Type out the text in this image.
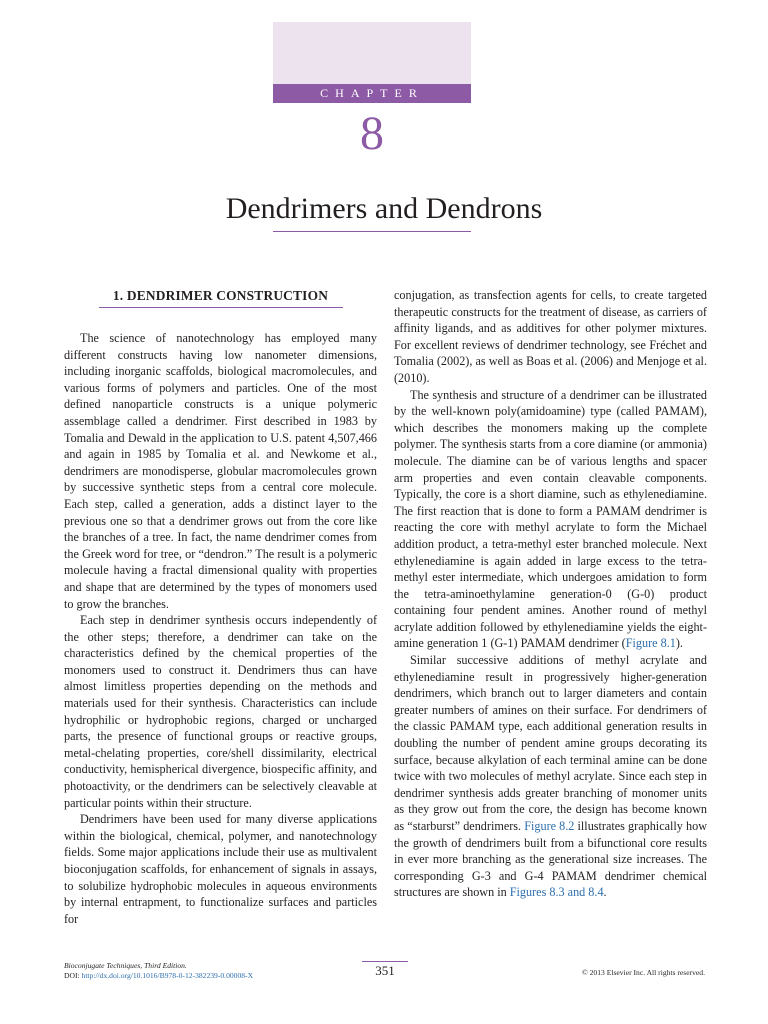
CHAPTER
8
Dendrimers and Dendrons
1. DENDRIMER CONSTRUCTION

The science of nanotechnology has employed many different constructs having low nanometer dimensions, including inorganic scaffolds, biological macromolecules, and various forms of polymers and particles. One of the most defined nanoparticle constructs is a unique polymeric assemblage called a dendrimer. First described in 1983 by Tomalia and Dewald in the application to U.S. patent 4,507,466 and again in 1985 by Tomalia et al. and Newkome et al., dendrimers are monodisperse, globular macromolecules grown by successive synthetic steps from a central core molecule. Each step, called a generation, adds a distinct layer to the previous one so that a dendrimer grows out from the core like the branches of a tree. In fact, the name dendrimer comes from the Greek word for tree, or “dendron.” The result is a polymeric molecule having a fractal dimensional quality with properties and shape that are determined by the types of monomers used to grow the branches.

Each step in dendrimer synthesis occurs independently of the other steps; therefore, a dendrimer can take on the characteristics defined by the chemical properties of the monomers used to construct it. Dendrimers thus can have almost limitless properties depending on the methods and materials used for their synthesis. Characteristics can include hydrophilic or hydrophobic regions, charged or uncharged parts, the presence of functional groups or reactive groups, metal-chelating properties, core/shell dissimilarity, electrical conductivity, hemispherical divergence, biospecific affinity, and photoactivity, or the dendrimers can be selectively cleavable at particular points within their structure.

Dendrimers have been used for many diverse applications within the biological, chemical, polymer, and nanotechnology fields. Some major applications include their use as multivalent bioconjugation scaffolds, for enhancement of signals in assays, to solubilize hydrophobic molecules in aqueous environments by internal entrapment, to functionalize surfaces and particles for

conjugation, as transfection agents for cells, to create targeted therapeutic constructs for the treatment of disease, as carriers of affinity ligands, and as additives for other polymer mixtures. For excellent reviews of dendrimer technology, see Fréchet and Tomalia (2002), as well as Boas et al. (2006) and Menjoge et al. (2010).

The synthesis and structure of a dendrimer can be illustrated by the well-known poly(amidoamine) type (called PAMAM), which describes the monomers making up the complete polymer. The synthesis starts from a core diamine (or ammonia) molecule. The diamine can be of various lengths and spacer arm properties and even contain cleavable components. Typically, the core is a short diamine, such as ethylenediamine. The first reaction that is done to form a PAMAM dendrimer is reacting the core with methyl acrylate to form the Michael addition product, a tetra-methyl ester branched molecule. Next ethylenediamine is again added in large excess to the tetra-methyl ester intermediate, which undergoes amidation to form the tetra-aminoethylamine generation-0 (G-0) product containing four pendent amines. Another round of methyl acrylate addition followed by ethylenediamine yields the eight-amine generation 1 (G-1) PAMAM dendrimer (Figure 8.1).

Similar successive additions of methyl acrylate and ethylenediamine result in progressively higher-generation dendrimers, which branch out to larger diameters and contain greater numbers of amines on their surface. For dendrimers of the classic PAMAM type, each additional generation results in doubling the number of pendent amine groups decorating its surface, because alkylation of each terminal amine can be done twice with two molecules of methyl acrylate. Since each step in dendrimer synthesis adds greater branching of monomer units as they grow out from the core, the design has become known as “starburst” dendrimers. Figure 8.2 illustrates graphically how the growth of dendrimers built from a bifunctional core results in ever more branching as the generational size increases. The corresponding G-3 and G-4 PAMAM dendrimer chemical structures are shown in Figures 8.3 and 8.4.

Bioconjugate Techniques, Third Edition.
DOI: http://dx.doi.org/10.1016/B978-0-12-382239-0.00008-X	351	© 2013 Elsevier Inc. All rights reserved.
